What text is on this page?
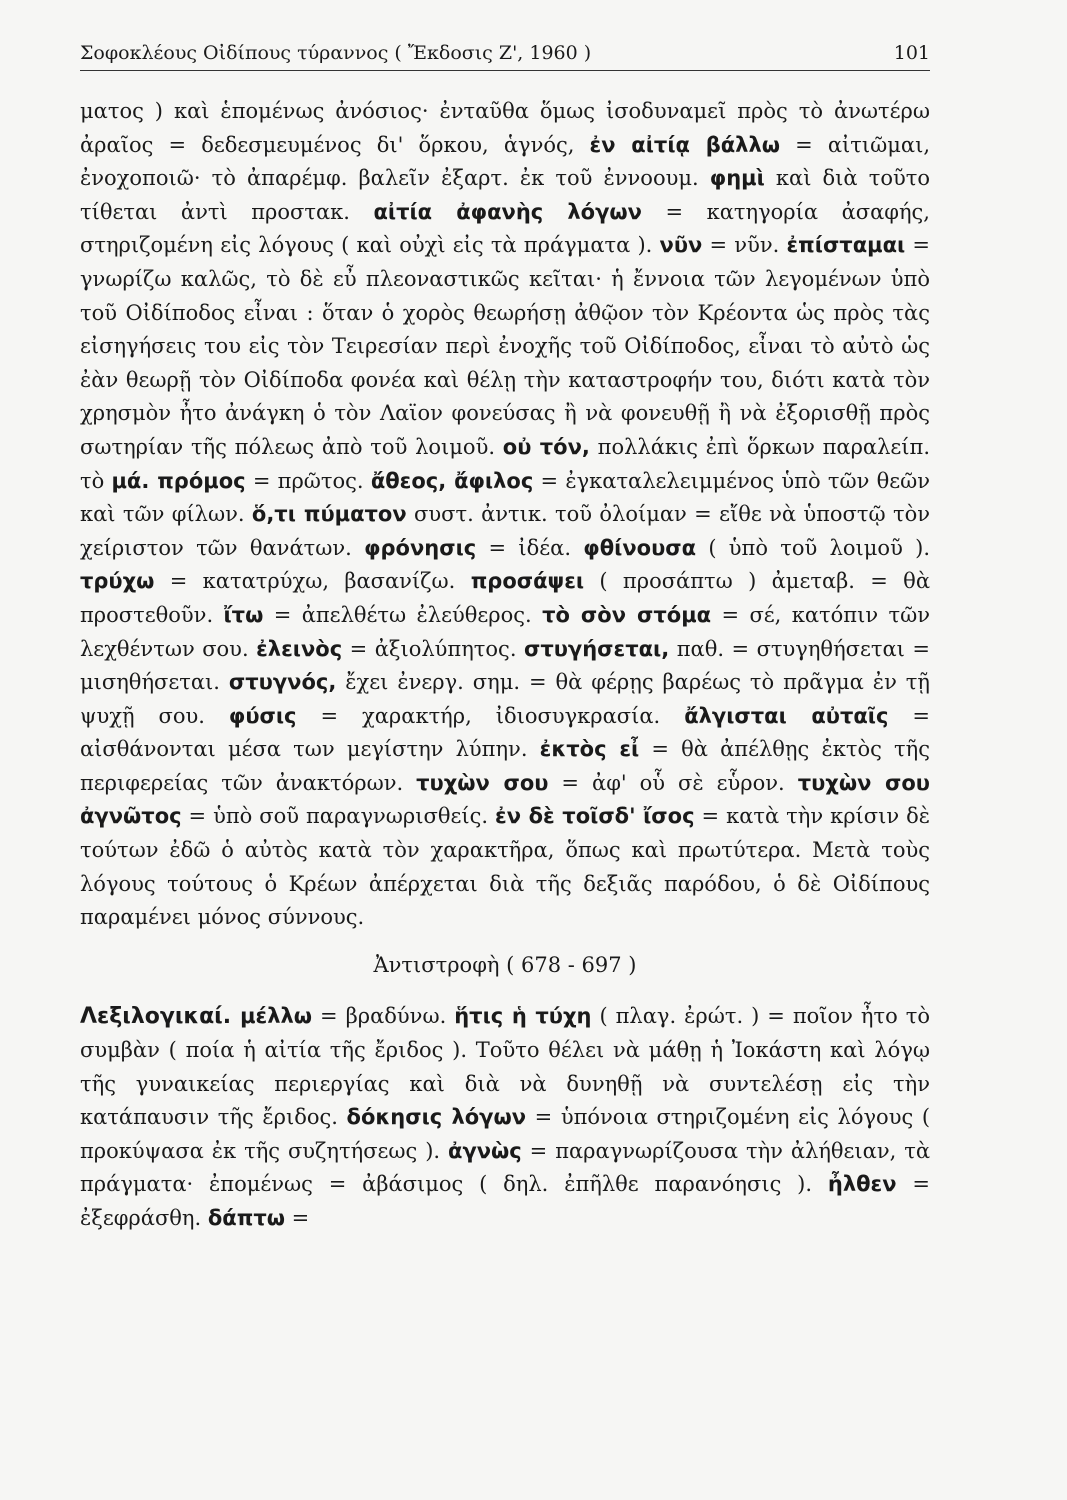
Σοφοκλέους Οἰδίπους τύραννος ( Ἔκδοσις Ζ', 1960 )	101

ματος ) καὶ ἑπομένως ἀνόσιος· ἐνταῦθα ὅμως ἰσοδυναμεῖ πρὸς τὸ ἀνωτέρω ἀραῖος = δεδεσμευμένος δι' ὅρκου, ἁγνός, ἐν αἰτίᾳ βάλλω = αἰτιῶμαι, ἐνοχοποιῶ· τὸ ἀπαρέμφ. βαλεῖν ἐξαρτ. ἐκ τοῦ ἐννοουμ. φημὶ καὶ διὰ τοῦτο τίθεται ἀντὶ προστακ. αἰτία ἀφανὴς λόγων = κατηγορία ἀσαφής, στηριζομένη εἰς λόγους ( καὶ οὐχὶ εἰς τὰ πράγματα ). νῦν = νῦν. ἐπίσταμαι = γνωρίζω καλῶς, τὸ δὲ εὖ πλεοναστικῶς κεῖται· ἡ ἔννοια τῶν λεγομένων ὑπὸ τοῦ Οἰδίποδος εἶναι : ὅταν ὁ χορὸς θεωρήσῃ ἀθῷον τὸν Κρέοντα ὡς πρὸς τὰς εἰσηγήσεις του εἰς τὸν Τειρεσίαν περὶ ἐνοχῆς τοῦ Οἰδίποδος, εἶναι τὸ αὐτὸ ὡς ἐὰν θεωρῇ τὸν Οἰδίποδα φονέα καὶ θέλῃ τὴν καταστροφήν του, διότι κατὰ τὸν χρησμὸν ἦτο ἀνάγκη ὁ τὸν Λαϊον φονεύσας ἢ νὰ φονευθῇ ἢ νὰ ἐξορισθῇ πρὸς σωτηρίαν τῆς πόλεως ἀπὸ τοῦ λοιμοῦ. οὐ τόν, πολλάκις ἐπὶ ὅρκων παραλείπ. τὸ μά. πρόμος = πρῶτος. ἄθεος, ἄφιλος = ἐγκαταλελειμμένος ὑπὸ τῶν θεῶν καὶ τῶν φίλων. ὅ,τι πύματον συστ. ἀντικ. τοῦ ὀλοίμαν = εἴθε νὰ ὑποστῷ τὸν χείριστον τῶν θανάτων. φρόνησις = ἰδέα. φθίνουσα ( ὑπὸ τοῦ λοιμοῦ ). τρύχω = κατατρύχω, βασανίζω. προσάψει ( προσάπτω ) ἀμεταβ. = θὰ προστεθοῦν. ἴτω = ἀπελθέτω ἐλεύθερος. τὸ σὸν στόμα = σέ, κατόπιν τῶν λεχθέντων σου. ἐλεινὸς = ἀξιολύπητος. στυγήσεται, παθ. = στυγηθήσεται = μισηθήσεται. στυγνός, ἔχει ἐνεργ. σημ. = θὰ φέρῃς βαρέως τὸ πρᾶγμα ἐν τῇ ψυχῇ σου. φύσις = χαρακτήρ, ἰδιοσυγκρασία. ἄλγισται αὐταῖς = αἰσθάνονται μέσα των μεγίστην λύπην. ἐκτὸς εἶ = θὰ ἀπέλθῃς ἐκτὸς τῆς περιφερείας τῶν ἀνακτόρων. τυχὼν σου = ἀφ' οὗ σὲ εὗρον. τυχὼν σου ἀγνῶτος = ὑπὸ σοῦ παραγνωρισθείς. ἐν δὲ τοῖσδ' ἴσος = κατὰ τὴν κρίσιν δὲ τούτων ἐδῶ ὁ αὐτὸς κατὰ τὸν χαρακτῆρα, ὅπως καὶ πρωτύτερα. Μετὰ τοὺς λόγους τούτους ὁ Κρέων ἀπέρχεται διὰ τῆς δεξιᾶς παρόδου, ὁ δὲ Οἰδίπους παραμένει μόνος σύννους.

Ἀντιστροφὴ ( 678 - 697 )

Λεξιλογικαί. μέλλω = βραδύνω. ἥτις ἡ τύχη ( πλαγ. ἐρώτ. ) = ποῖον ἦτο τὸ συμβὰν ( ποία ἡ αἰτία τῆς ἔριδος ). Τοῦτο θέλει νὰ μάθῃ ἡ Ἰοκάστη καὶ λόγῳ τῆς γυναικείας περιεργίας καὶ διὰ νὰ δυνηθῇ νὰ συντελέσῃ εἰς τὴν κατάπαυσιν τῆς ἔριδος. δόκησις λόγων = ὑπόνοια στηριζομένη εἰς λόγους ( προκύψασα ἐκ τῆς συζητήσεως ). ἀγνὼς = παραγνωρίζουσα τὴν ἀλήθειαν, τὰ πράγματα· ἐπομένως = ἀβάσιμος ( δηλ. ἐπῆλθε παρανόησις ). ἦλθεν = ἐξεφράσθη. δάπτω =
